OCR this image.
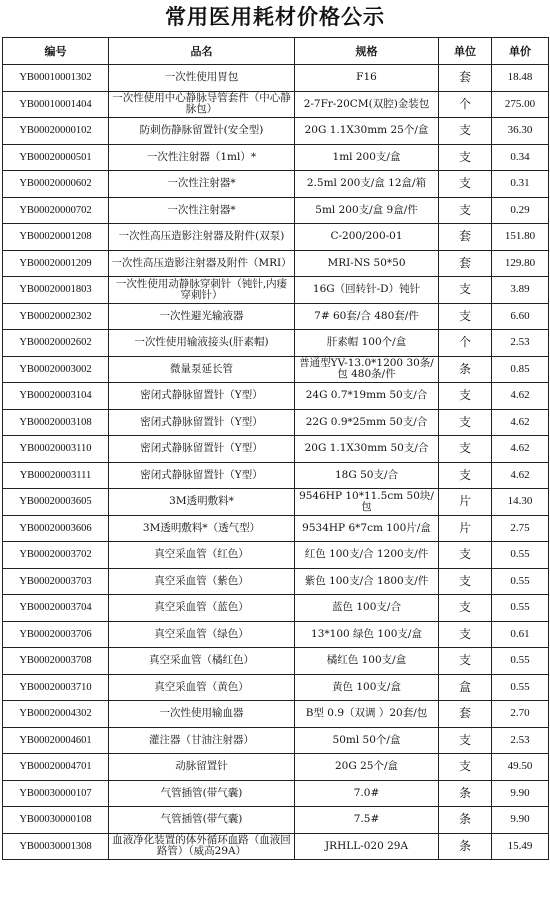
常用医用耗材价格公示
编号	品名	规格	单位	单价
YB00010001302	一次性使用胃包	F16	套	18.48
YB00010001404	一次性使用中心静脉导管套件（中心静脉包）	2-7Fr-20CM(双腔)金装包	个	275.00
YB00020000102	防刺伤静脉留置针(安全型)	20G 1.1X30mm 25个/盒	支	36.30
YB00020000501	一次性注射器（1ml）*	1ml 200支/盒	支	0.34
YB00020000602	一次性注射器*	2.5ml 200支/盒 12盒/箱	支	0.31
YB00020000702	一次性注射器*	5ml 200支/盒 9盒/件	支	0.29
YB00020001208	一次性高压造影注射器及附件(双泵)	C-200/200-01	套	151.80
YB00020001209	一次性高压造影注射器及附件（MRI）	MRI-NS 50*50	套	129.80
YB00020001803	一次性使用动静脉穿刺针（钝针,内瘘穿刺针）	16G（回转针-D）钝针	支	3.89
YB00020002302	一次性避光输液器	7# 60套/合 480套/件	支	6.60
YB00020002602	一次性使用输液接头(肝素帽)	肝素帽 100个/盒	个	2.53
YB00020003002	微量泵延长管	普通型YV-13.0*1200 30条/包 480条/件	条	0.85
YB00020003104	密闭式静脉留置针（Y型）	24G 0.7*19mm 50支/合	支	4.62
YB00020003108	密闭式静脉留置针（Y型）	22G 0.9*25mm 50支/合	支	4.62
YB00020003110	密闭式静脉留置针（Y型）	20G 1.1X30mm 50支/合	支	4.62
YB00020003111	密闭式静脉留置针（Y型）	18G 50支/合	支	4.62
YB00020003605	3M透明敷料*	9546HP 10*11.5cm 50块/包	片	14.30
YB00020003606	3M透明敷料*（透气型）	9534HP 6*7cm 100片/盒	片	2.75
YB00020003702	真空采血管（红色）	红色 100支/合 1200支/件	支	0.55
YB00020003703	真空采血管（紫色）	紫色 100支/合 1800支/件	支	0.55
YB00020003704	真空采血管（蓝色）	蓝色 100支/合	支	0.55
YB00020003706	真空采血管（绿色）	13*100 绿色 100支/盒	支	0.61
YB00020003708	真空采血管（橘红色）	橘红色 100支/盒	支	0.55
YB00020003710	真空采血管（黄色）	黄色 100支/盒	盒	0.55
YB00020004302	一次性使用输血器	B型 0.9（双调 ）20套/包	套	2.70
YB00020004601	灌注器（甘油注射器）	50ml 50个/盒	支	2.53
YB00020004701	动脉留置针	20G 25个/盒	支	49.50
YB00030000107	气管插管(带气囊)	7.0#	条	9.90
YB00030000108	气管插管(带气囊)	7.5#	条	9.90
YB00030001308	血液净化装置的体外循环血路（血液回路管）（威高29A）	JRHLL-020 29A	条	15.49
